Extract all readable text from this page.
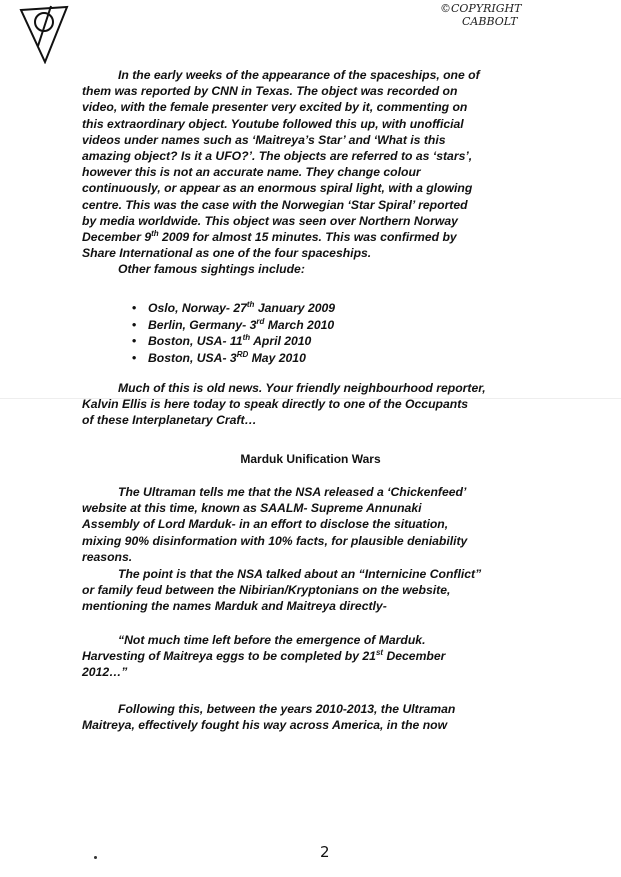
©COPYRIGHT
CABBOLT

In the early weeks of the appearance of the spaceships, one of

them was reported by CNN in Texas. The object was recorded on

video, with the female presenter very excited by it, commenting on

this extraordinary object. Youtube followed this up, with unofficial

videos under names such as ‘Maitreya’s Star’ and ‘What is this

amazing object? Is it a UFO?’. The objects are referred to as ‘stars’,

however this is not an accurate name. They change colour

continuously, or appear as an enormous spiral light, with a glowing

centre. This was the case with the Norwegian ‘Star Spiral’ reported

by media worldwide. This object was seen over Northern Norway

December 9th 2009 for almost 15 minutes. This was confirmed by

Share International as one of the four spaceships.

Other famous sightings include:

• Oslo, Norway- 27th January 2009
• Berlin, Germany- 3rd March 2010
• Boston, USA- 11th April 2010
• Boston, USA- 3RD May 2010

Much of this is old news. Your friendly neighbourhood reporter,

Kalvin Ellis is here today to speak directly to one of the Occupants

of these Interplanetary Craft…

Marduk Unification Wars

The Ultraman tells me that the NSA released a ‘Chickenfeed’

website at this time, known as SAALM- Supreme Annunaki

Assembly of Lord Marduk- in an effort to disclose the situation,

mixing 90% disinformation with 10% facts, for plausible deniability

reasons.

The point is that the NSA talked about an “Internicine Conflict”

or family feud between the Nibirian/Kryptonians on the website,

mentioning the names Marduk and Maitreya directly-

“Not much time left before the emergence of Marduk.

Harvesting of Maitreya eggs to be completed by 21st December

2012…”

Following this, between the years 2010-2013, the Ultraman

Maitreya, effectively fought his way across America, in the now

2
